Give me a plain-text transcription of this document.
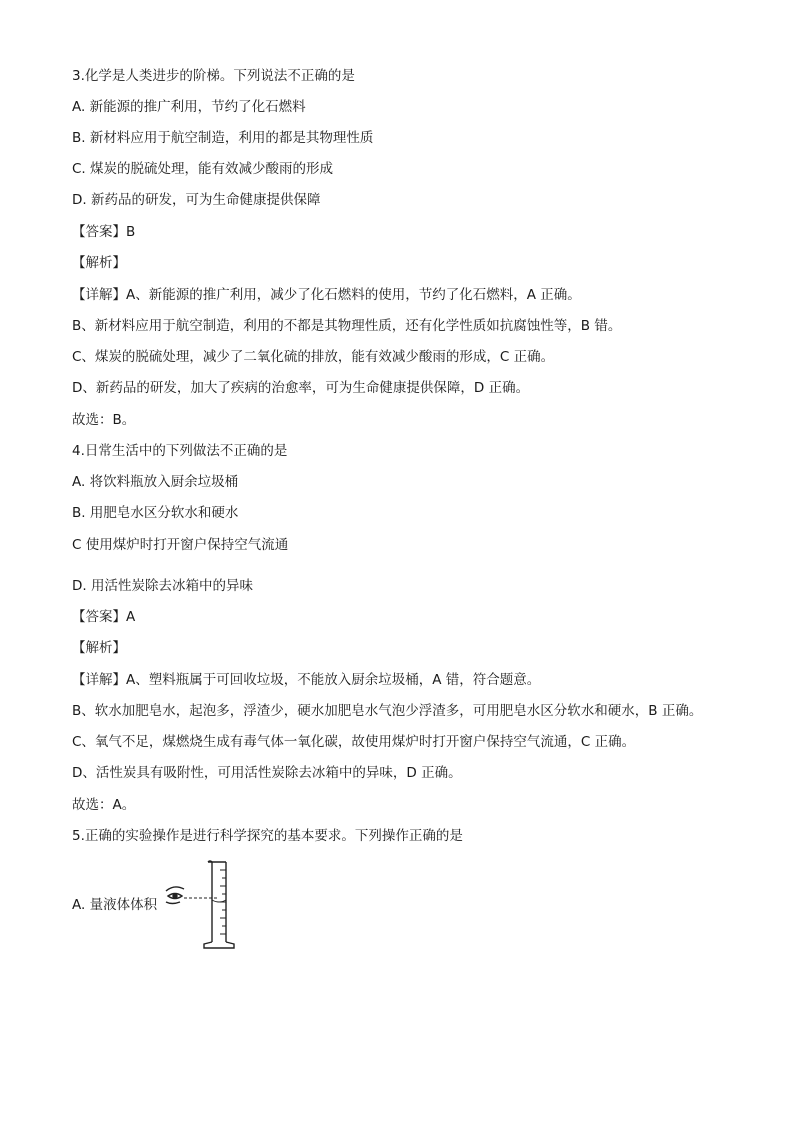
3.化学是人类进步的阶梯。下列说法不正确的是
A. 新能源的推广利用，节约了化石燃料
B. 新材料应用于航空制造，利用的都是其物理性质
C. 煤炭的脱硫处理，能有效减少酸雨的形成
D. 新药品的研发，可为生命健康提供保障
【答案】B
【解析】
【详解】A、新能源的推广利用，减少了化石燃料的使用，节约了化石燃料，A 正确。
B、新材料应用于航空制造，利用的不都是其物理性质，还有化学性质如抗腐蚀性等，B 错。
C、煤炭的脱硫处理，减少了二氧化硫的排放，能有效减少酸雨的形成，C 正确。
D、新药品的研发，加大了疾病的治愈率，可为生命健康提供保障，D 正确。
故选：B。
4.日常生活中的下列做法不正确的是
A. 将饮料瓶放入厨余垃圾桶
B. 用肥皂水区分软水和硬水
C 使用煤炉时打开窗户保持空气流通
D. 用活性炭除去冰箱中的异味
【答案】A
【解析】
【详解】A、塑料瓶属于可回收垃圾，不能放入厨余垃圾桶，A 错，符合题意。
B、软水加肥皂水，起泡多，浮渣少，硬水加肥皂水气泡少浮渣多，可用肥皂水区分软水和硬水，B 正确。
C、氧气不足，煤燃烧生成有毒气体一氧化碳，故使用煤炉时打开窗户保持空气流通，C 正确。
D、活性炭具有吸附性，可用活性炭除去冰箱中的异味，D 正确。
故选：A。
5.正确的实验操作是进行科学探究的基本要求。下列操作正确的是
A. 量液体体积
